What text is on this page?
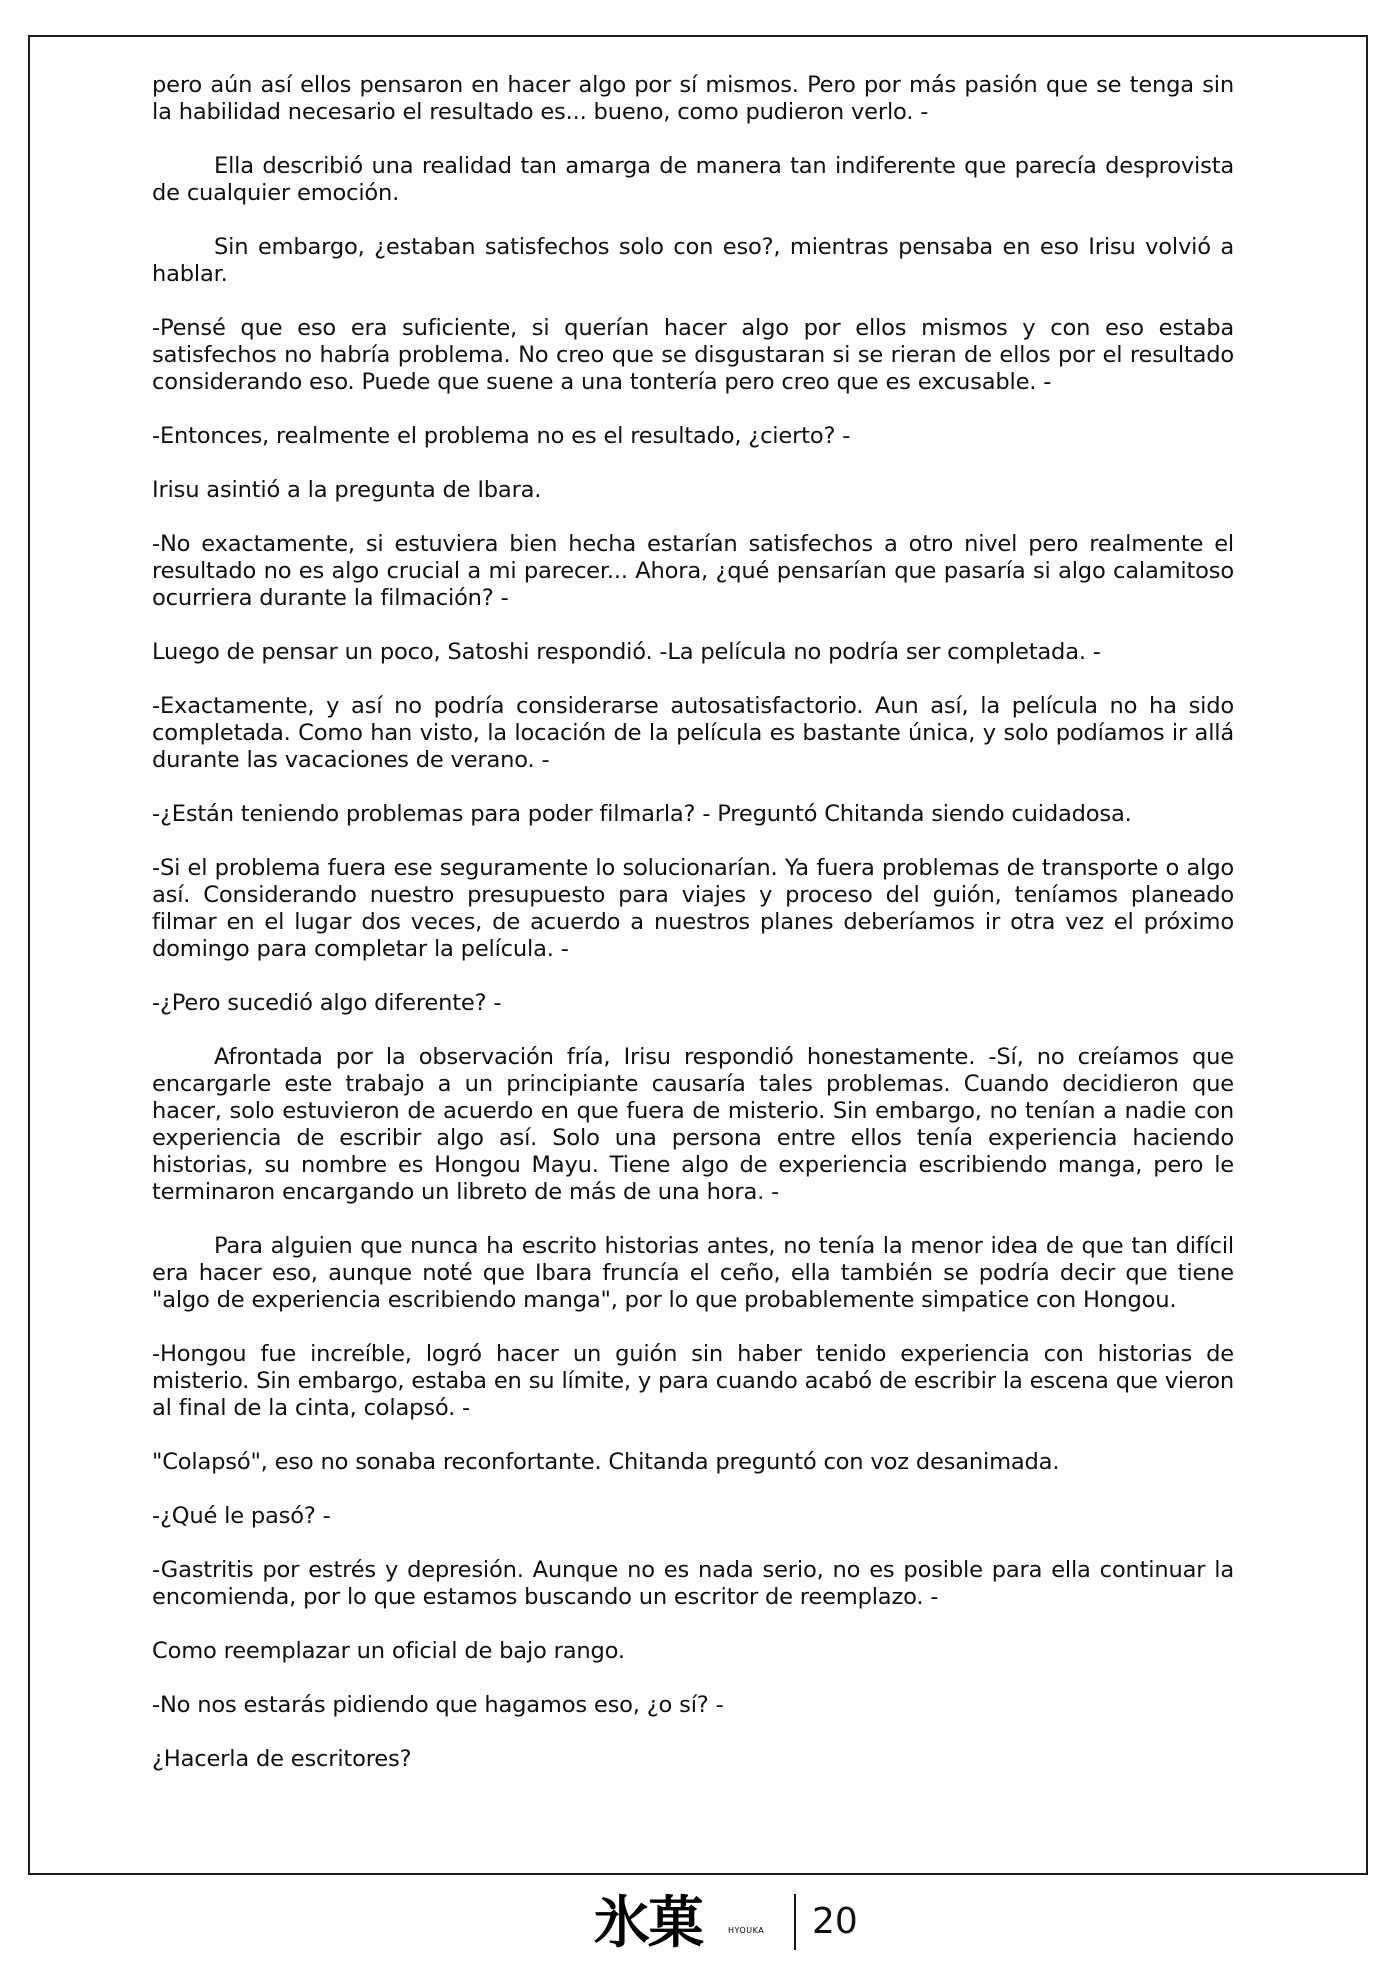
pero aún así ellos pensaron en hacer algo por sí mismos. Pero por más pasión que se tenga sin la habilidad necesario el resultado es... bueno, como pudieron verlo. -

Ella describió una realidad tan amarga de manera tan indiferente que parecía desprovista de cualquier emoción.

Sin embargo, ¿estaban satisfechos solo con eso?, mientras pensaba en eso Irisu volvió a hablar.

-Pensé que eso era suficiente, si querían hacer algo por ellos mismos y con eso estaba satisfechos no habría problema. No creo que se disgustaran si se rieran de ellos por el resultado considerando eso. Puede que suene a una tontería pero creo que es excusable. -

-Entonces, realmente el problema no es el resultado, ¿cierto? -

Irisu asintió a la pregunta de Ibara.

-No exactamente, si estuviera bien hecha estarían satisfechos a otro nivel pero realmente el resultado no es algo crucial a mi parecer... Ahora, ¿qué pensarían que pasaría si algo calamitoso ocurriera durante la filmación? -

Luego de pensar un poco, Satoshi respondió. -La película no podría ser completada. -

-Exactamente, y así no podría considerarse autosatisfactorio. Aun así, la película no ha sido completada. Como han visto, la locación de la película es bastante única, y solo podíamos ir allá durante las vacaciones de verano. -

-¿Están teniendo problemas para poder filmarla? - Preguntó Chitanda siendo cuidadosa.

-Si el problema fuera ese seguramente lo solucionarían. Ya fuera problemas de transporte o algo así. Considerando nuestro presupuesto para viajes y proceso del guión, teníamos planeado filmar en el lugar dos veces, de acuerdo a nuestros planes deberíamos ir otra vez el próximo domingo para completar la película. -

-¿Pero sucedió algo diferente? -

Afrontada por la observación fría, Irisu respondió honestamente. -Sí, no creíamos que encargarle este trabajo a un principiante causaría tales problemas. Cuando decidieron que hacer, solo estuvieron de acuerdo en que fuera de misterio. Sin embargo, no tenían a nadie con experiencia de escribir algo así. Solo una persona entre ellos tenía experiencia haciendo historias, su nombre es Hongou Mayu. Tiene algo de experiencia escribiendo manga, pero le terminaron encargando un libreto de más de una hora. -

Para alguien que nunca ha escrito historias antes, no tenía la menor idea de que tan difícil era hacer eso, aunque noté que Ibara fruncía el ceño, ella también se podría decir que tiene "algo de experiencia escribiendo manga", por lo que probablemente simpatice con Hongou.

-Hongou fue increíble, logró hacer un guión sin haber tenido experiencia con historias de misterio. Sin embargo, estaba en su límite, y para cuando acabó de escribir la escena que vieron al final de la cinta, colapsó. -

"Colapsó", eso no sonaba reconfortante. Chitanda preguntó con voz desanimada.

-¿Qué le pasó? -

-Gastritis por estrés y depresión. Aunque no es nada serio, no es posible para ella continuar la encomienda, por lo que estamos buscando un escritor de reemplazo. -

Como reemplazar un oficial de bajo rango.

-No nos estarás pidiendo que hagamos eso, ¿o sí? -

¿Hacerla de escritores?

氷菓	HYOUKA 20
